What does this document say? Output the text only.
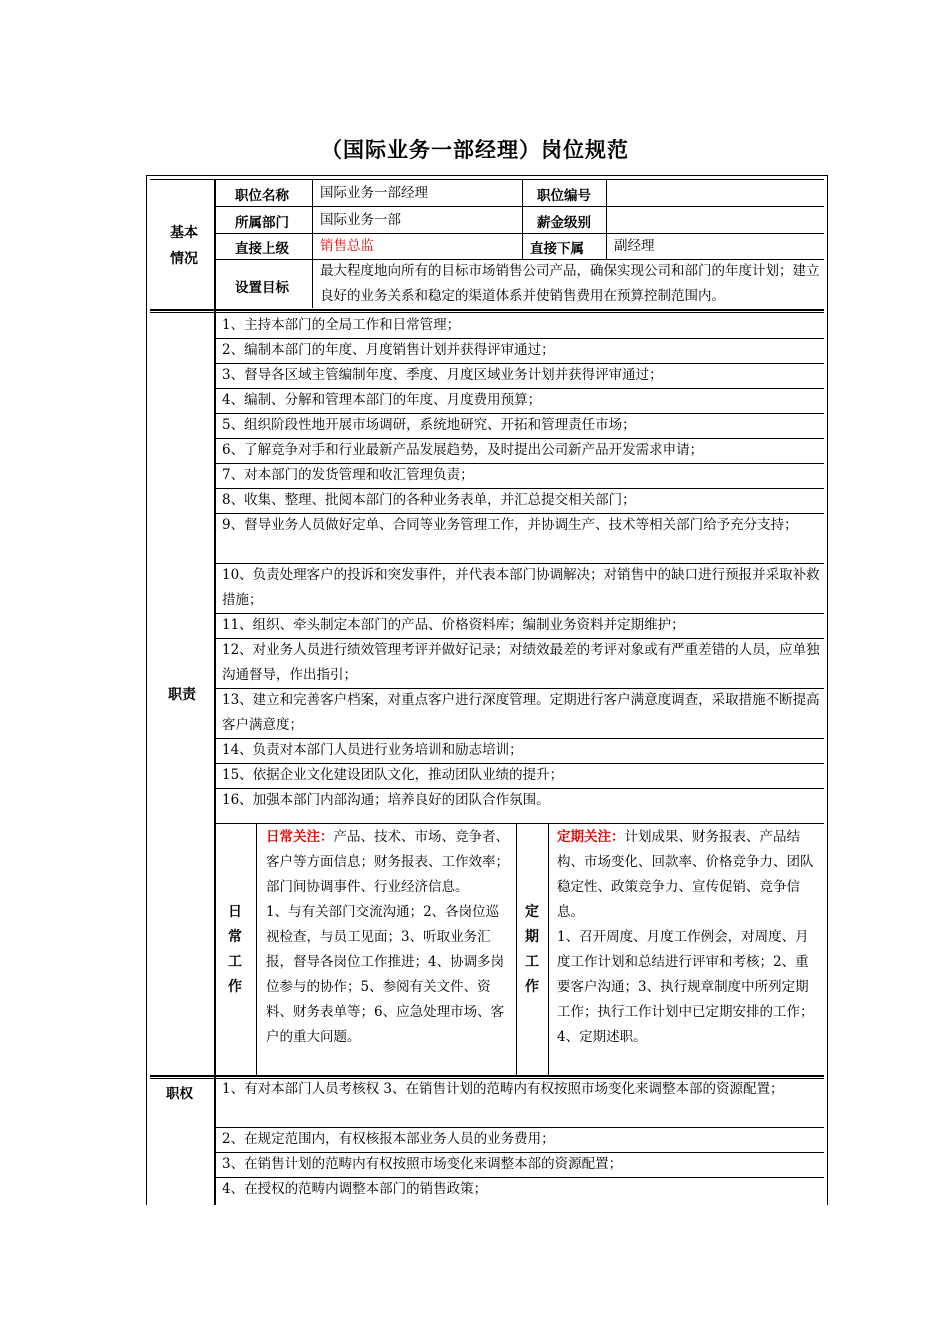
（国际业务一部经理）岗位规范
基本
情况
职位名称 国际业务一部经理	职位编号
所属部门 国际业务一部	薪金级别
直接上级 销售总监	直接下属 副经理
设置目标
最大程度地向所有的目标市场销售公司产品，确保实现公司和部门的年度计划；建立良好的业务关系和稳定的渠道体系并使销售费用在预算控制范围内。
职责
1、主持本部门的全局工作和日常管理；
2、编制本部门的年度、月度销售计划并获得评审通过；
3、督导各区域主管编制年度、季度、月度区域业务计划并获得评审通过；
4、编制、分解和管理本部门的年度、月度费用预算；
5、组织阶段性地开展市场调研，系统地研究、开拓和管理责任市场；
6、了解竞争对手和行业最新产品发展趋势，及时提出公司新产品开发需求申请；
7、对本部门的发货管理和收汇管理负责；
8、收集、整理、批阅本部门的各种业务表单，并汇总提交相关部门；
9、督导业务人员做好定单、合同等业务管理工作，并协调生产、技术等相关部门给予充分支持；
10、负责处理客户的投诉和突发事件，并代表本部门协调解决；对销售中的缺口进行预报并采取补救措施；
11、组织、牵头制定本部门的产品、价格资料库；编制业务资料并定期维护；
12、对业务人员进行绩效管理考评并做好记录；对绩效最差的考评对象或有严重差错的人员，应单独沟通督导，作出指引；
13、建立和完善客户档案，对重点客户进行深度管理。定期进行客户满意度调查，采取措施不断提高客户满意度；
14、负责对本部门人员进行业务培训和励志培训；
15、依据企业文化建设团队文化，推动团队业绩的提升；
16、加强本部门内部沟通；培养良好的团队合作氛围。
日常工作
日常关注：产品、技术、市场、竞争者、客户等方面信息；财务报表、工作效率；部门间协调事件、行业经济信息。
1、与有关部门交流沟通；2、各岗位巡视检查，与员工见面；3、听取业务汇报，督导各岗位工作推进；4、协调多岗位参与的协作；5、参阅有关文件、资料、财务表单等；6、应急处理市场、客户的重大问题。
定期工作
定期关注：计划成果、财务报表、产品结构、市场变化、回款率、价格竞争力、团队稳定性、政策竞争力、宣传促销、竞争信息。
1、召开周度、月度工作例会，对周度、月度工作计划和总结进行评审和考核；2、重要客户沟通；3、执行规章制度中所列定期工作；执行工作计划中已定期安排的工作；4、定期述职。
职权 1、有对本部门人员考核权 3、在销售计划的范畴内有权按照市场变化来调整本部的资源配置；
2、在规定范围内，有权核报本部业务人员的业务费用；
3、在销售计划的范畴内有权按照市场变化来调整本部的资源配置；
4、在授权的范畴内调整本部门的销售政策；
